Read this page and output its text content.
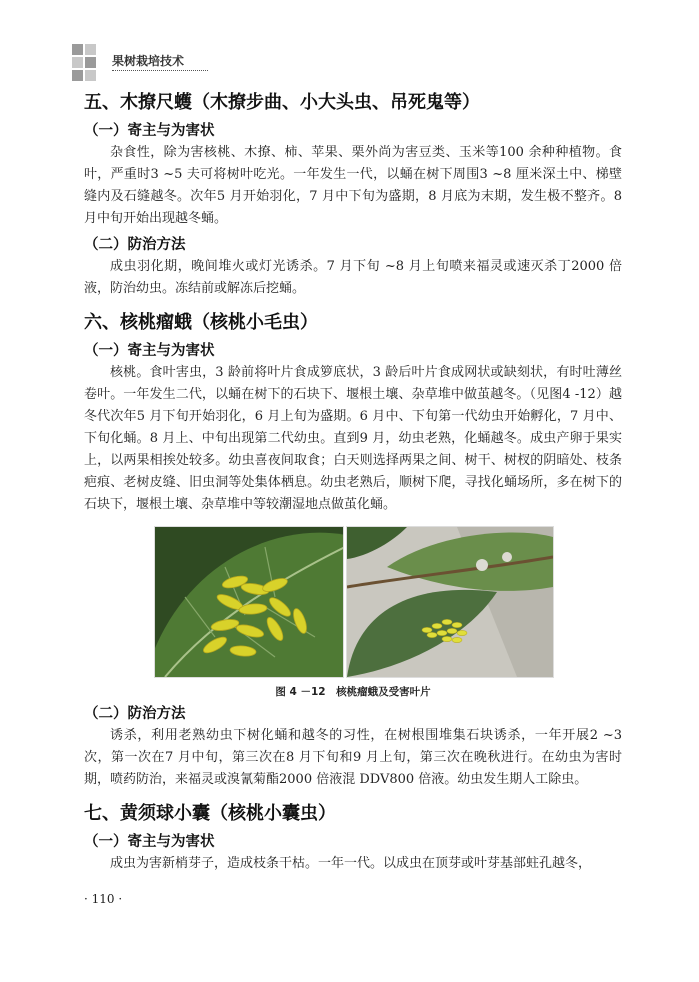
果树栽培技术
五、木撩尺蠖（木撩步曲、小大头虫、吊死鬼等）
（一）寄主与为害状

杂食性，除为害核桃、木撩、柿、苹果、栗外尚为害豆类、玉米等100 余种种植物。食叶，严重时3 ~5 夫可将树叶吃光。一年发生一代，以蛹在树下周围3 ~8 厘米深土中、梯壁缝内及石缝越冬。次年5 月开始羽化，7 月中下旬为盛期，8 月底为末期，发生极不整齐。8 月中旬开始出现越冬蛹。

（二）防治方法

成虫羽化期，晚间堆火或灯光诱杀。7 月下旬 ~8 月上旬喷来福灵或速灭杀丁2000 倍液，防治幼虫。冻结前或解冻后挖蛹。

六、核桃瘤蛾（核桃小毛虫）
（一）寄主与为害状

核桃。食叶害虫，3 龄前将叶片食成箩底状，3 龄后叶片食成网状或缺刻状，有时吐薄丝卷叶。一年发生二代，以蛹在树下的石块下、堰根土壤、杂草堆中做茧越冬。（见图4 -12）越冬代次年5 月下旬开始羽化，6 月上旬为盛期。6 月中、下旬第一代幼虫开始孵化，7 月中、下旬化蛹。8 月上、中旬出现第二代幼虫。直到9 月，幼虫老熟，化蛹越冬。成虫产卵于果实上，以两果相挨处较多。幼虫喜夜间取食；白天则选择两果之间、树干、树杈的阴暗处、枝条疤痕、老树皮缝、旧虫洞等处集体栖息。幼虫老熟后，顺树下爬，寻找化蛹场所，多在树下的石块下，堰根土壤、杂草堆中等较潮湿地点做茧化蛹。

图 4 －12　核桃瘤蛾及受害叶片
（二）防治方法

诱杀，利用老熟幼虫下树化蛹和越冬的习性，在树根围堆集石块诱杀，一年开展2 ~3 次，第一次在7 月中旬，第三次在8 月下旬和9 月上旬，第三次在晚秋进行。在幼虫为害时期，喷药防治，来福灵或溴氰菊酯2000 倍液混 DDV800 倍液。幼虫发生期人工除虫。

七、黄须球小囊（核桃小囊虫）
（一）寄主与为害状

成虫为害新梢芽子，造成枝条干枯。一年一代。以成虫在顶芽或叶芽基部蛀孔越冬，

· 110 ·
